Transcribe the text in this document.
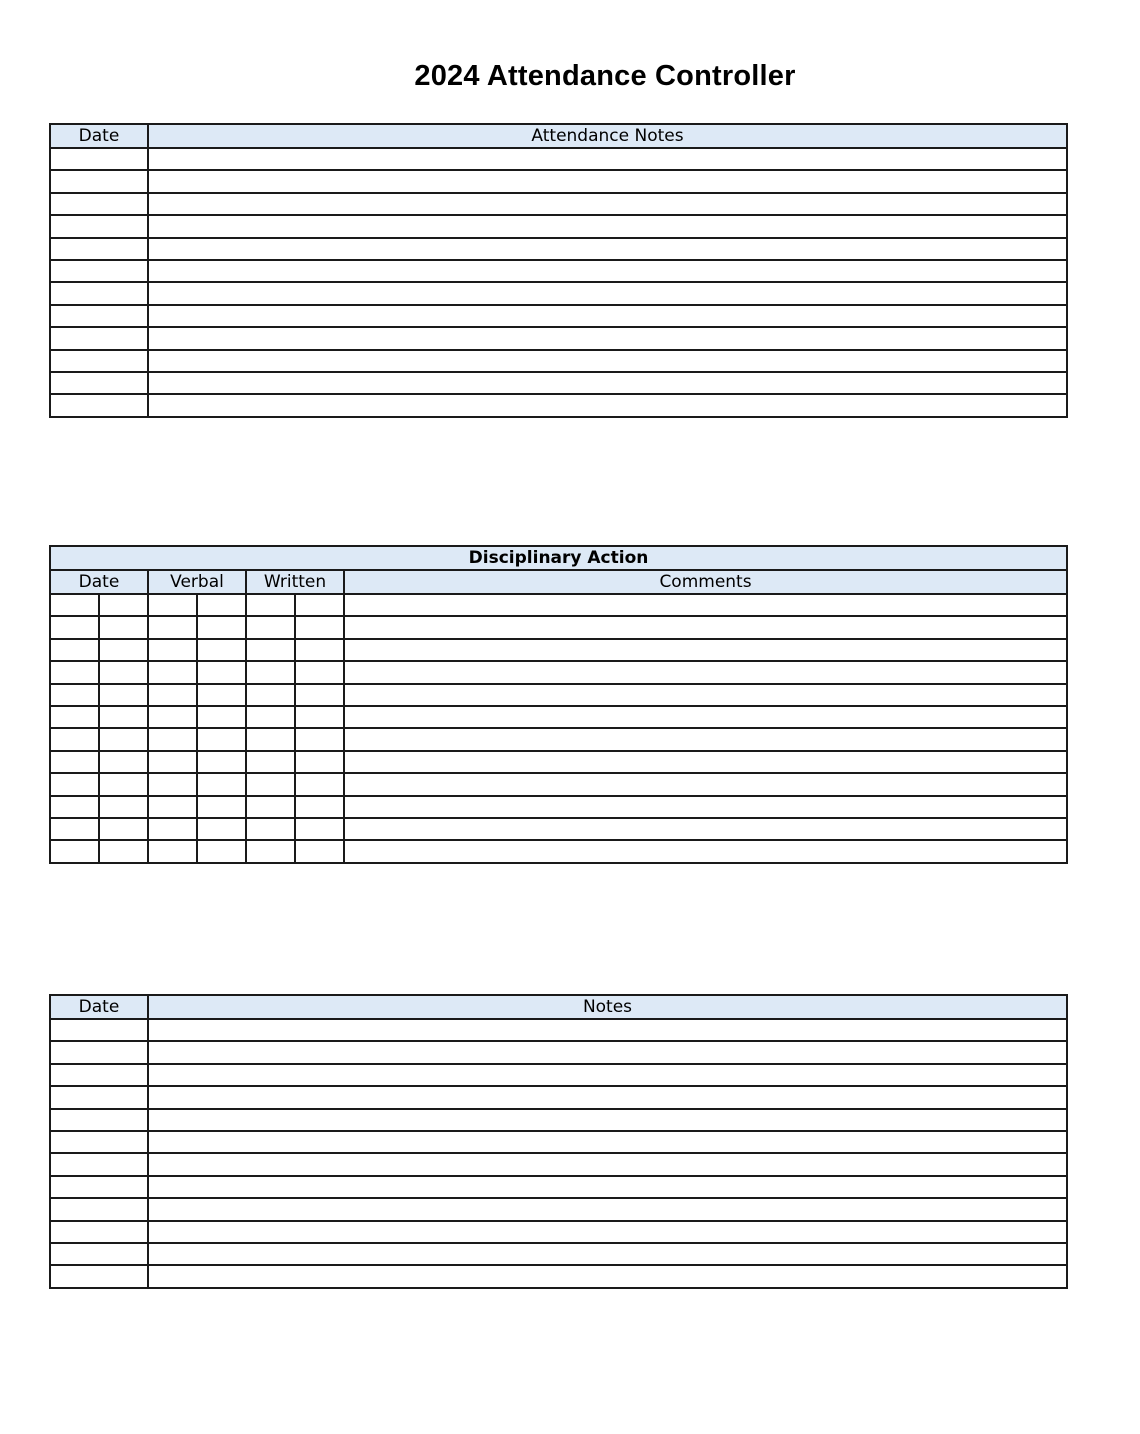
2024 Attendance Controller
Date	Attendance Notes

Disciplinary Action						
Date		Verbal		Written		Comments

Date	Notes
